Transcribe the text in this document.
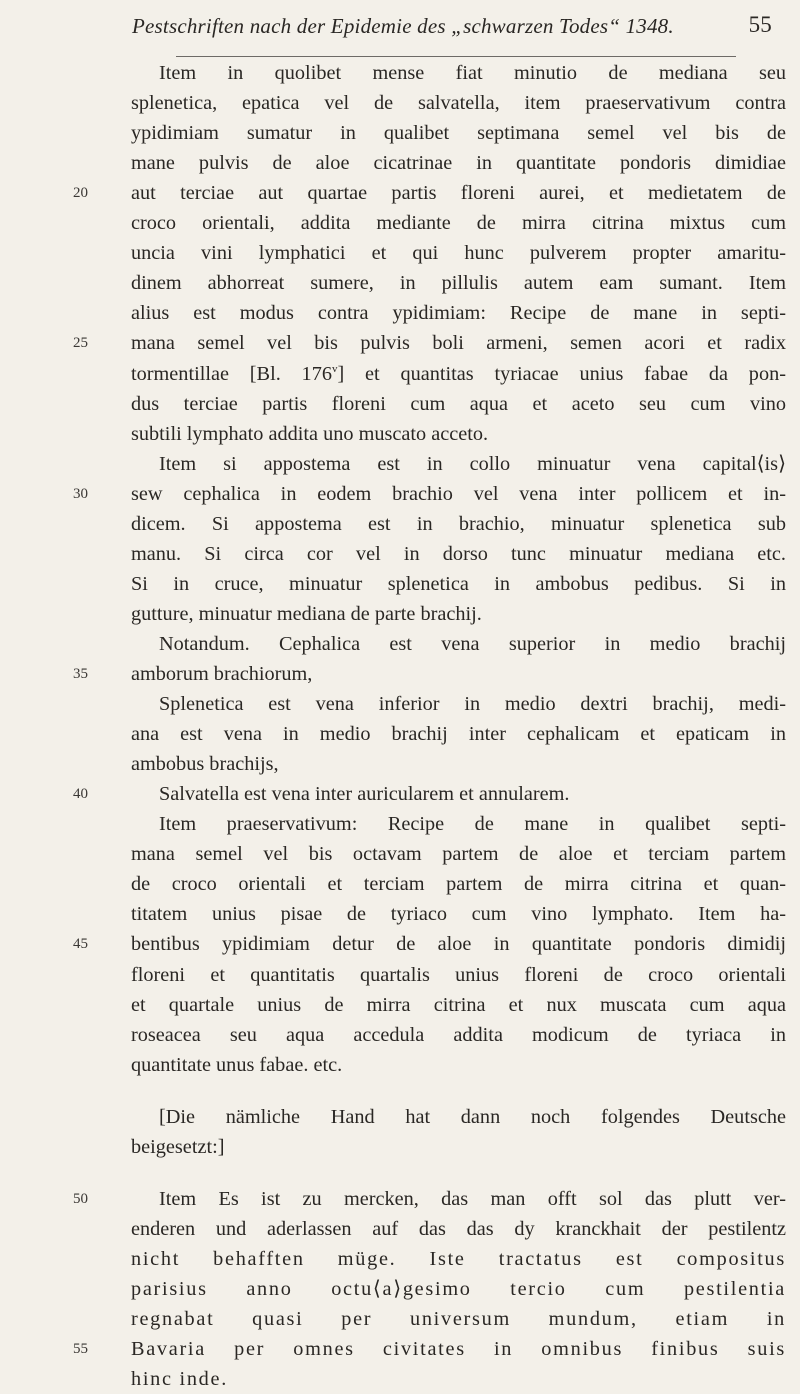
Pestschriften nach der Epidemie des „schwarzen Todes“ 1348.	55
Item in quolibet mense fiat minutio de mediana seu
splenetica, epatica vel de salvatella, item praeservativum contra
ypidimiam sumatur in qualibet septimana semel vel bis de
mane pulvis de aloe cicatrinae in quantitate pondoris dimidiae
aut terciae aut quartae partis floreni aurei, et medietatem de
20
croco orientali, addita mediante de mirra citrina mixtus cum
uncia vini lymphatici et qui hunc pulverem propter amaritu-
dinem abhorreat sumere, in pillulis autem eam sumant. Item
alius est modus contra ypidimiam: Recipe de mane in septi-
mana semel vel bis pulvis boli armeni, semen acori et radix
25
tormentillae [Bl. 176$^v$] et quantitas tyriacae unius fabae da pon-
dus terciae partis floreni cum aqua et aceto seu cum vino
subtili lymphato addita uno muscato acceto.
Item si appostema est in collo minuatur vena capital⟨is⟩
sew cephalica in eodem brachio vel vena inter pollicem et in-
30
dicem. Si appostema est in brachio, minuatur splenetica sub
manu. Si circa cor vel in dorso tunc minuatur mediana etc.
Si in cruce, minuatur splenetica in ambobus pedibus. Si in
gutture, minuatur mediana de parte brachij.
Notandum. Cephalica est vena superior in medio brachij
amborum brachiorum,
35
Splenetica est vena inferior in medio dextri brachij, medi-
ana est vena in medio brachij inter cephalicam et epaticam in
ambobus brachijs,
Salvatella est vena inter auricularem et annularem.
40
Item praeservativum: Recipe de mane in qualibet septi-
mana semel vel bis octavam partem de aloe et terciam partem
de croco orientali et terciam partem de mirra citrina et quan-
titatem unius pisae de tyriaco cum vino lymphato. Item ha-
bentibus ypidimiam detur de aloe in quantitate pondoris dimidij
45
floreni et quantitatis quartalis unius floreni de croco orientali
et quartale unius de mirra citrina et nux muscata cum aqua
roseacea seu aqua accedula addita modicum de tyriaca in
quantitate unus fabae. etc.
[Die nämliche Hand hat dann noch folgendes Deutsche
beigesetzt:]
Item Es ist zu mercken, das man offt sol das plutt ver-
50
enderen und aderlassen auf das das dy kranckhait der pestilentz
nicht behafften müge. Iste tractatus est compositus
parisius anno octu⟨a⟩gesimo tercio cum pestilentia
regnabat quasi per universum mundum, etiam in
Bavaria per omnes civitates in omnibus finibus suis
55
hinc inde.
